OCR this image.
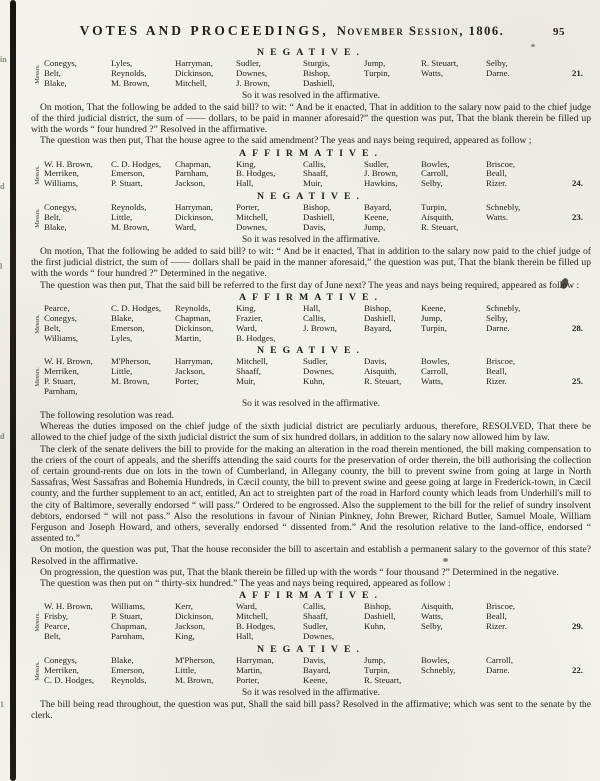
in
d
l
d
1
VOTES AND PROCEEDINGS, November Session, 1806.	95
NEGATIVE.
Messrs.
Conegys,	Lyles,	Harryman,	Sudler,	Sturgis,	Jump,	R. Steuart,	Selby,
Belt,	Reynolds,	Dickinson,	Downes,	Bishop,	Turpin,	Watts,	Darne.	21.
Blake,	M. Brown,	Mitchell,	J. Brown,	Dashiell,
So it was resolved in the affirmative.

On motion, That the following be added to the said bill? to wit: “ And be it enacted, That in addition to the salary now paid to the chief judge of the third judicial district, the sum of —— dollars, to be paid in manner aforesaid?” the question was put, That the blank therein be filled up with the words “ four hundred ?” Resolved in the affirmative.

The question was then put, That the house agree to the said amendment? The yeas and nays being required, appeared as follow ;

AFFIRMATIVE.
Messrs.
W. H. Brown,	C. D. Hodges,	Chapman,	King,	Callis,	Sudler,	Bowles,	Briscoe,
Merriken,	Emerson,	Parnham,	B. Hodges,	Shaaff,	J. Brown,	Carroll,	Beall,
Williams,	P. Stuart,	Jackson,	Hall,	Muir,	Hawkins,	Selby,	Rizer.	24.
NEGATIVE.
Messrs.
Conegys,	Reynolds,	Harryman,	Porter,	Bishop,	Bayard,	Turpin,	Schnebly,
Belt,	Little,	Dickinson,	Mitchell,	Dashiell,	Keene,	Aisquith,	Watts.	23.
Blake,	M. Brown,	Ward,	Downes,	Davis,	Jump,	R. Steuart,
So it was resolved in the affirmative.

On motion, That the following be added to said bill? to wit: “ And be it enacted, That in addition to the salary now paid to the chief judge of the first judicial district, the sum of —— dollars shall be paid in the manner aforesaid,” the question was put, That the blank therein be filled up with the words “ four hundred ?” Determined in the negative.

The question was then put, That the said bill be referred to the first day of June next? The yeas and nays being required, appeared as follow :

AFFIRMATIVE.
Messrs.
Pearce,	C. D. Hodges,	Reynolds,	King,	Hall,	Bishop,	Keene,	Schnebly,
Conegys,	Blake,	Chapman,	Frazier,	Callis,	Dashiell,	Jump,	Selby,
Belt,	Emerson,	Dickinson,	Ward,	J. Brown,	Bayard,	Turpin,	Darne.	28.
Williams,	Lyles,	Martin,	B. Hodges,
NEGATIVE.
Messrs.
W. H. Brown,	M'Pherson,	Harryman,	Mitchell,	Sudler,	Davis,	Bowles,	Briscoe,
Merriken,	Little,	Jackson,	Shaaff,	Downes,	Aisquith,	Carroll,	Beall,
P. Stuart,	M. Brown,	Porter,	Muir,	Kuhn,	R. Steuart,	Watts,	Rizer.	25.
Parnham,
So it was resolved in the affirmative.

The following resolution was read.

Whereas the duties imposed on the chief judge of the sixth judicial district are peculiarly arduous, therefore, RESOLVED, That there be allowed to the chief judge of the sixth judicial district the sum of six hundred dollars, in addition to the salary now allowed him by law.

The clerk of the senate delivers the bill to provide for the making an alteration in the road therein mentioned, the bill making compensation to the criers of the court of appeals, and the sheriffs attending the said courts for the preservation of order therein, the bill authorising the collection of certain ground-rents due on lots in the town of Cumberland, in Allegany county, the bill to prevent swine from going at large in North Sassafras, West Sassafras and Bohemia Hundreds, in Cæcil county, the bill to prevent swine and geese going at large in Frederick-town, in Cæcil county, and the further supplement to an act, entitled, An act to streighten part of the road in Harford county which leads from Underhill's mill to the city of Baltimore, severally endorsed “ will pass.” Ordered to be engrossed. Also the supplement to the bill for the relief of sundry insolvent debtors, endorsed “ will not pass.” Also the resolutions in favour of Ninian Pinkney, John Brewer, Richard Butler, Samuel Moale, William Ferguson and Joseph Howard, and others, severally endorsed “ dissented from.” And the resolution relative to the land-office, endorsed “ assented to.”

On motion, the question was put, That the house reconsider the bill to ascertain and establish a permanent salary to the governor of this state? Resolved in the affirmative.

On progression, the question was put, That the blank therein be filled up with the words “ four thousand ?” Determined in the negative.

The question was then put on “ thirty-six hundred.” The yeas and nays being required, appeared as follow :

AFFIRMATIVE.
Messrs.
W. H. Brown,	Williams,	Kerr,	Ward,	Callis,	Bishop,	Aisquith,	Briscoe,
Frisby,	P. Stuart,	Dickinson,	Mitchell,	Shaaff,	Dashiell,	Watts,	Beall,
Pearce,	Chapman,	Jackson,	B. Hodges,	Sudler,	Kuhn,	Selby,	Rizer.	29.
Belt,	Parnham,	King,	Hall,	Downes,
NEGATIVE.
Messrs.
Conegys,	Blake,	M'Pherson,	Harryman,	Davis,	Jump,	Bowles,	Carroll,
Merriken,	Emerson,	Little,	Martin,	Bayard,	Turpin,	Schnebly,	Darne.	22.
C. D. Hodges,	Reynolds,	M. Brown,	Porter,	Keene,	R. Steuart,
So it was resolved in the affirmative.

The bill being read throughout, the question was put, Shall the said bill pass? Resolved in the affirmative; which was sent to the senate by the clerk.
